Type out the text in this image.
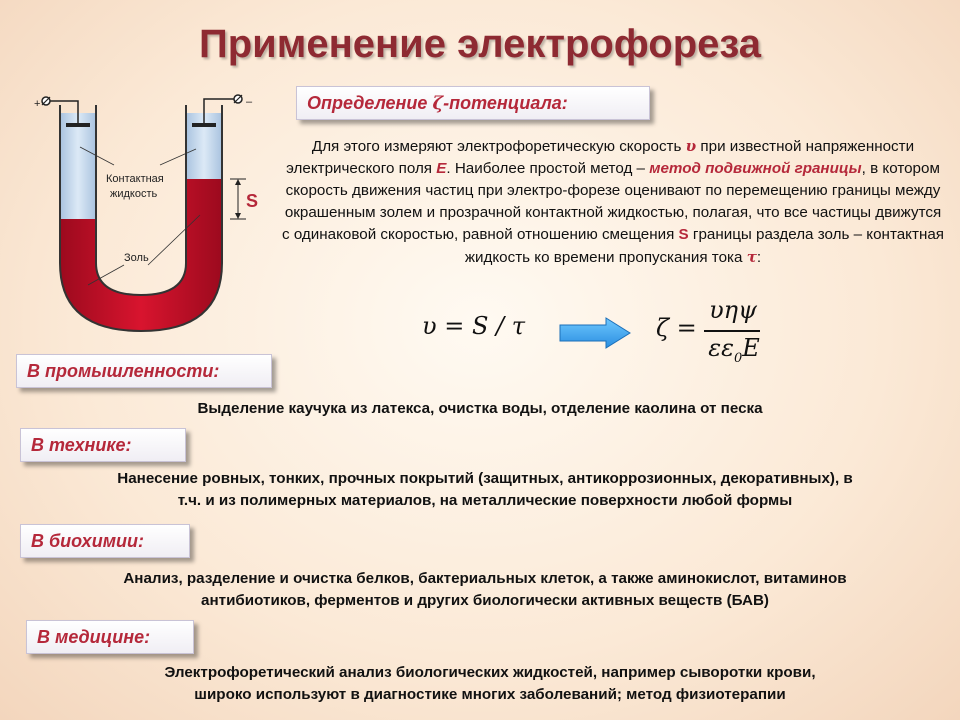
Применение электрофореза
+	–
S
Контактная
жидкость
Золь
Определение ζ-потенциала:
Для этого измеряют электрофоретическую скорость υ при известной напряженности электрического поля E. Наиболее простой метод – метод подвижной границы, в котором скорость движения частиц при электро-форезе оценивают по перемещению границы между окрашенным золем и прозрачной контактной жидкостью, полагая, что все частицы движутся с одинаковой скоростью, равной отношению смещения S границы раздела золь – контактная жидкость ко времени пропускания тока τ:
υ = S / τ	ζ =
υηψ
$\varepsilon\varepsilon_0E$
В промышленности:
Выделение каучука из латекса, очистка воды, отделение каолина от песка
В технике:
Нанесение ровных, тонких, прочных покрытий (защитных, антикоррозионных, декоративных), в
т.ч. и из полимерных материалов, на металлические поверхности любой формы
В биохимии:
Анализ, разделение и очистка белков, бактериальных клеток, а также аминокислот, витаминов
антибиотиков, ферментов и других биологически активных веществ (БАВ)
В медицине:
Электрофоретический анализ биологических жидкостей, например сыворотки крови,
широко используют в диагностике многих заболеваний; метод физиотерапии
